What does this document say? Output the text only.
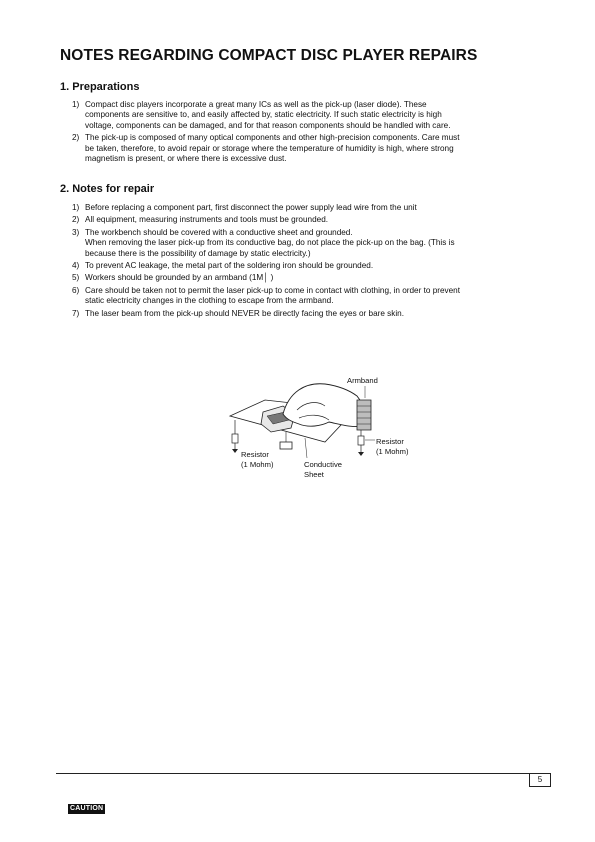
NOTES REGARDING COMPACT DISC PLAYER REPAIRS
1. Preparations
1) Compact disc players incorporate a great many ICs as well as the pick-up (laser diode). These
components are sensitive to, and easily affected by, static electricity. If such static electricity is high
voltage, components can be damaged, and for that reason components should be handled with care.
2) The pick-up is composed of many optical components and other high-precision components. Care must
be taken, therefore, to avoid repair or storage where the temperature of humidity is high, where strong
magnetism is present, or where there is excessive dust.
2. Notes for repair
1) Before replacing a component part, first disconnect the power supply lead wire from the unit
2) All equipment, measuring instruments and tools must be grounded.
3) The workbench should be covered with a conductive sheet and grounded.
When removing the laser pick-up from its conductive bag, do not place the pick-up on the bag. (This is
because there is the possibility of damage by static electricity.)
4) To prevent AC leakage, the metal part of the soldering iron should be grounded.
5) Workers should be grounded by an armband (1M│ )
6) Care should be taken not to permit the laser pick-up to come in contact with clothing, in order to prevent
static electricity changes in the clothing to escape from the armband.
7) The laser beam from the pick-up should NEVER be directly facing the eyes or bare skin.
Armband
Resistor
(1 Mohm)
Resistor
(1 Mohm)
Conductive
Sheet
5
CAUTION
